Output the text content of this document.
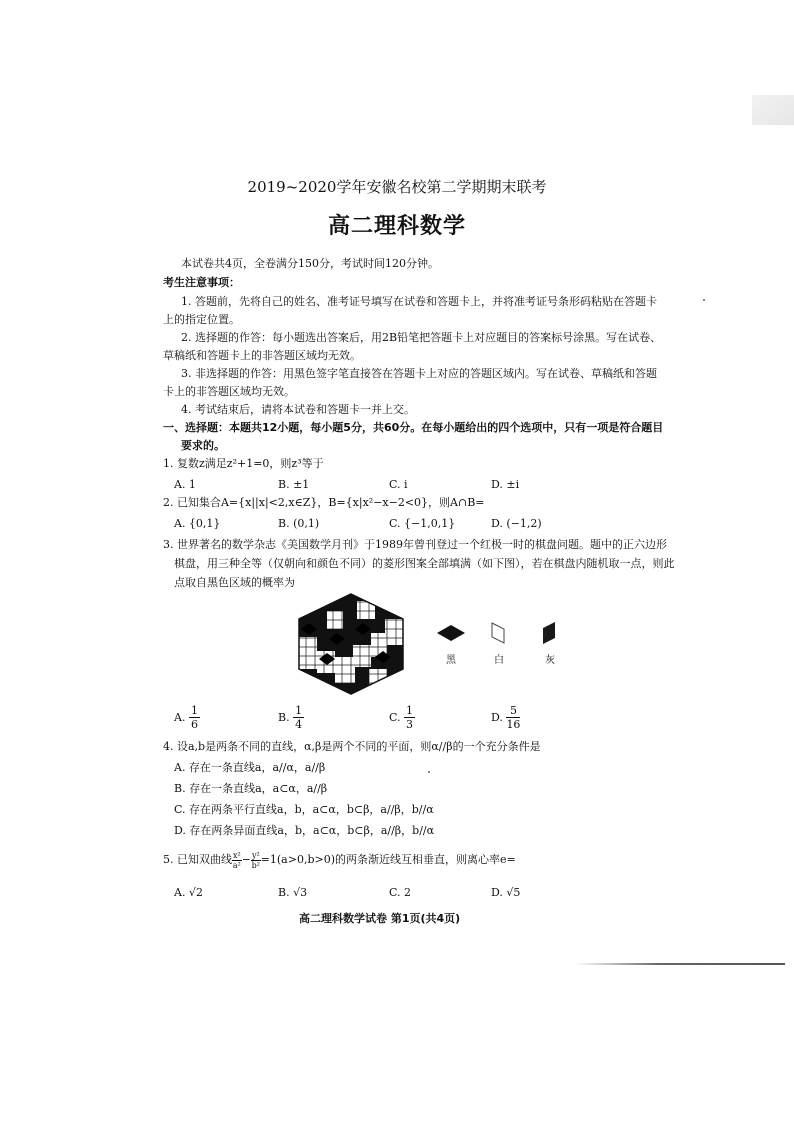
2019~2020学年安徽名校第二学期期末联考
高二理科数学
本试卷共4页，全卷满分150分，考试时间120分钟。
考生注意事项：
1. 答题前，先将自己的姓名、准考证号填写在试卷和答题卡上，并将准考证号条形码粘贴在答题卡
上的指定位置。
2. 选择题的作答：每小题选出答案后，用2B铅笔把答题卡上对应题目的答案标号涂黑。写在试卷、
草稿纸和答题卡上的非答题区域均无效。
3. 非选择题的作答：用黑色签字笔直接答在答题卡上对应的答题区域内。写在试卷、草稿纸和答题
卡上的非答题区域均无效。
4. 考试结束后，请将本试卷和答题卡一并上交。
一、选择题：本题共12小题，每小题5分，共60分。在每小题给出的四个选项中，只有一项是符合题目
要求的。
1. 复数z满足z²+1=0，则z³等于
A. 1	B. ±1	C. i	D. ±i
2. 已知集合A={x||x|<2,x∈Z}，B={x|x²−x−2<0}，则A∩B=
A. {0,1}	B. (0,1)	C. {−1,0,1}	D. (−1,2)
3. 世界著名的数学杂志《美国数学月刊》于1989年曾刊登过一个红极一时的棋盘问题。题中的正六边形
棋盘，用三种全等（仅朝向和颜色不同）的菱形图案全部填满（如下图），若在棋盘内随机取一点，则此
点取自黑色区域的概率为
黑	白	灰
A. $\frac{1}{6}$	B. $\frac{1}{4}$	C. $\frac{1}{3}$	D. $\frac{5}{16}$
4. 设a,b是两条不同的直线，α,β是两个不同的平面，则α//β的一个充分条件是
A. 存在一条直线a，a//α，a//β
B. 存在一条直线a，a⊂α，a//β
C. 存在两条平行直线a，b，a⊂α，b⊂β，a//β，b//α
D. 存在两条异面直线a，b，a⊂α，b⊂β，a//β，b//α
5. 已知双曲线 $\frac{\text{x²}}{\text{a²}} - \frac{\text{y²}}{\text{b²}} =1(a>0,b>0)$的两条渐近线互相垂直，则离心率e=
A. √2	B. √3	C. 2	D. √5
高二理科数学试卷 第1页(共4页)
